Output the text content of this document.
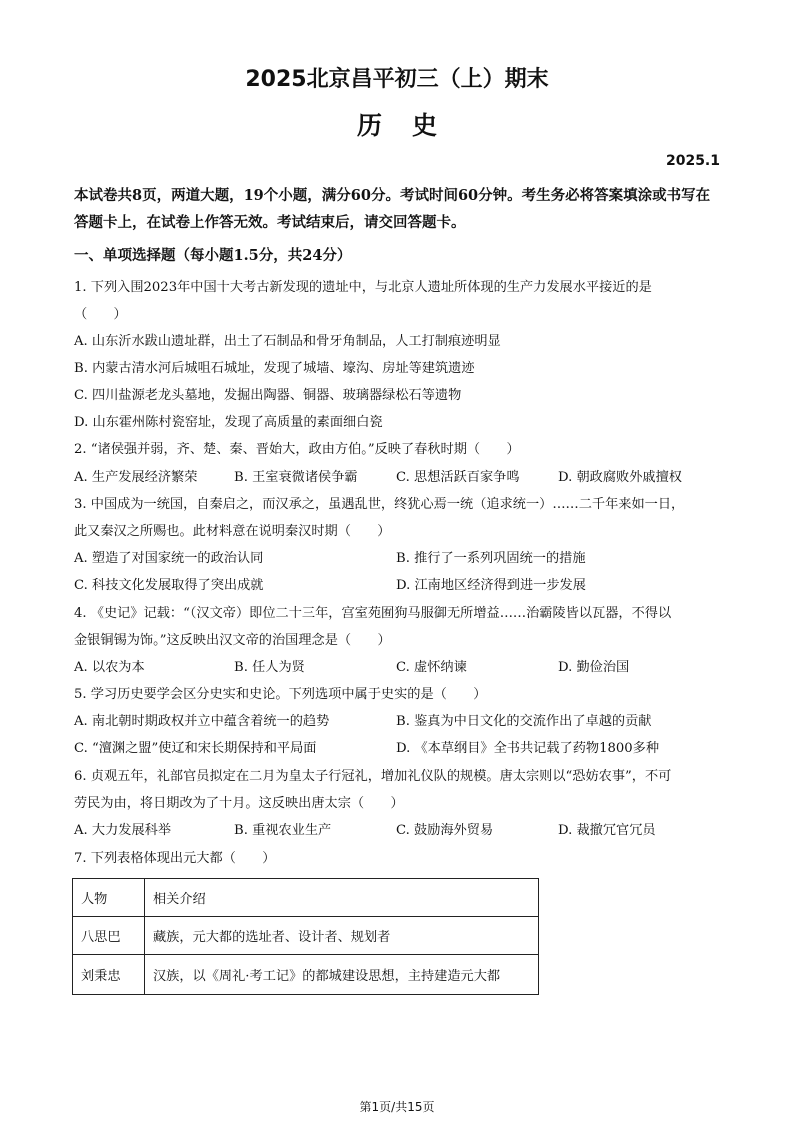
2025北京昌平初三（上）期末
历史
2025.1
本试卷共8页，两道大题，19个小题，满分60分。考试时间60分钟。考生务必将答案填涂或书写在答题卡上，在试卷上作答无效。考试结束后，请交回答题卡。
一、单项选择题（每小题1.5分，共24分）
1. 下列入围2023年中国十大考古新发现的遗址中，与北京人遗址所体现的生产力发展水平接近的是
（　　）
A. 山东沂水跋山遗址群，出土了石制品和骨牙角制品，人工打制痕迹明显
B. 内蒙古清水河后城咀石城址，发现了城墙、壕沟、房址等建筑遗迹
C. 四川盐源老龙头墓地，发掘出陶器、铜器、玻璃器绿松石等遗物
D. 山东霍州陈村瓷窑址，发现了高质量的素面细白瓷
2. “诸侯强并弱，齐、楚、秦、晋始大，政由方伯。”反映了春秋时期（　　）
A. 生产发展经济繁荣	B. 王室衰微诸侯争霸	C. 思想活跃百家争鸣	D. 朝政腐败外戚擅权
3. 中国成为一统国，自秦启之，而汉承之，虽遇乱世，终犹心焉一统（追求统一）……二千年来如一日，
此又秦汉之所赐也。此材料意在说明秦汉时期（　　）
A. 塑造了对国家统一的政治认同	B. 推行了一系列巩固统一的措施
C. 科技文化发展取得了突出成就	D. 江南地区经济得到进一步发展
4. 《史记》记载：“（汉文帝）即位二十三年，宫室苑囿狗马服御无所增益……治霸陵皆以瓦器，不得以
金银铜锡为饰。”这反映出汉文帝的治国理念是（　　）
A. 以农为本	B. 任人为贤	C. 虚怀纳谏	D. 勤俭治国
5. 学习历史要学会区分史实和史论。下列选项中属于史实的是（　　）
A. 南北朝时期政权并立中蕴含着统一的趋势	B. 鉴真为中日文化的交流作出了卓越的贡献
C. “澶渊之盟”使辽和宋长期保持和平局面	D. 《本草纲目》全书共记载了药物1800多种
6. 贞观五年，礼部官员拟定在二月为皇太子行冠礼，增加礼仪队的规模。唐太宗则以“恐妨农事”，不可
劳民为由，将日期改为了十月。这反映出唐太宗（　　）
A. 大力发展科举	B. 重视农业生产	C. 鼓励海外贸易	D. 裁撤冗官冗员
7. 下列表格体现出元大都（　　）
人物	相关介绍
八思巴	藏族，元大都的选址者、设计者、规划者
刘秉忠	汉族，以《周礼·考工记》的都城建设思想，主持建造元大都
第1页/共15页
